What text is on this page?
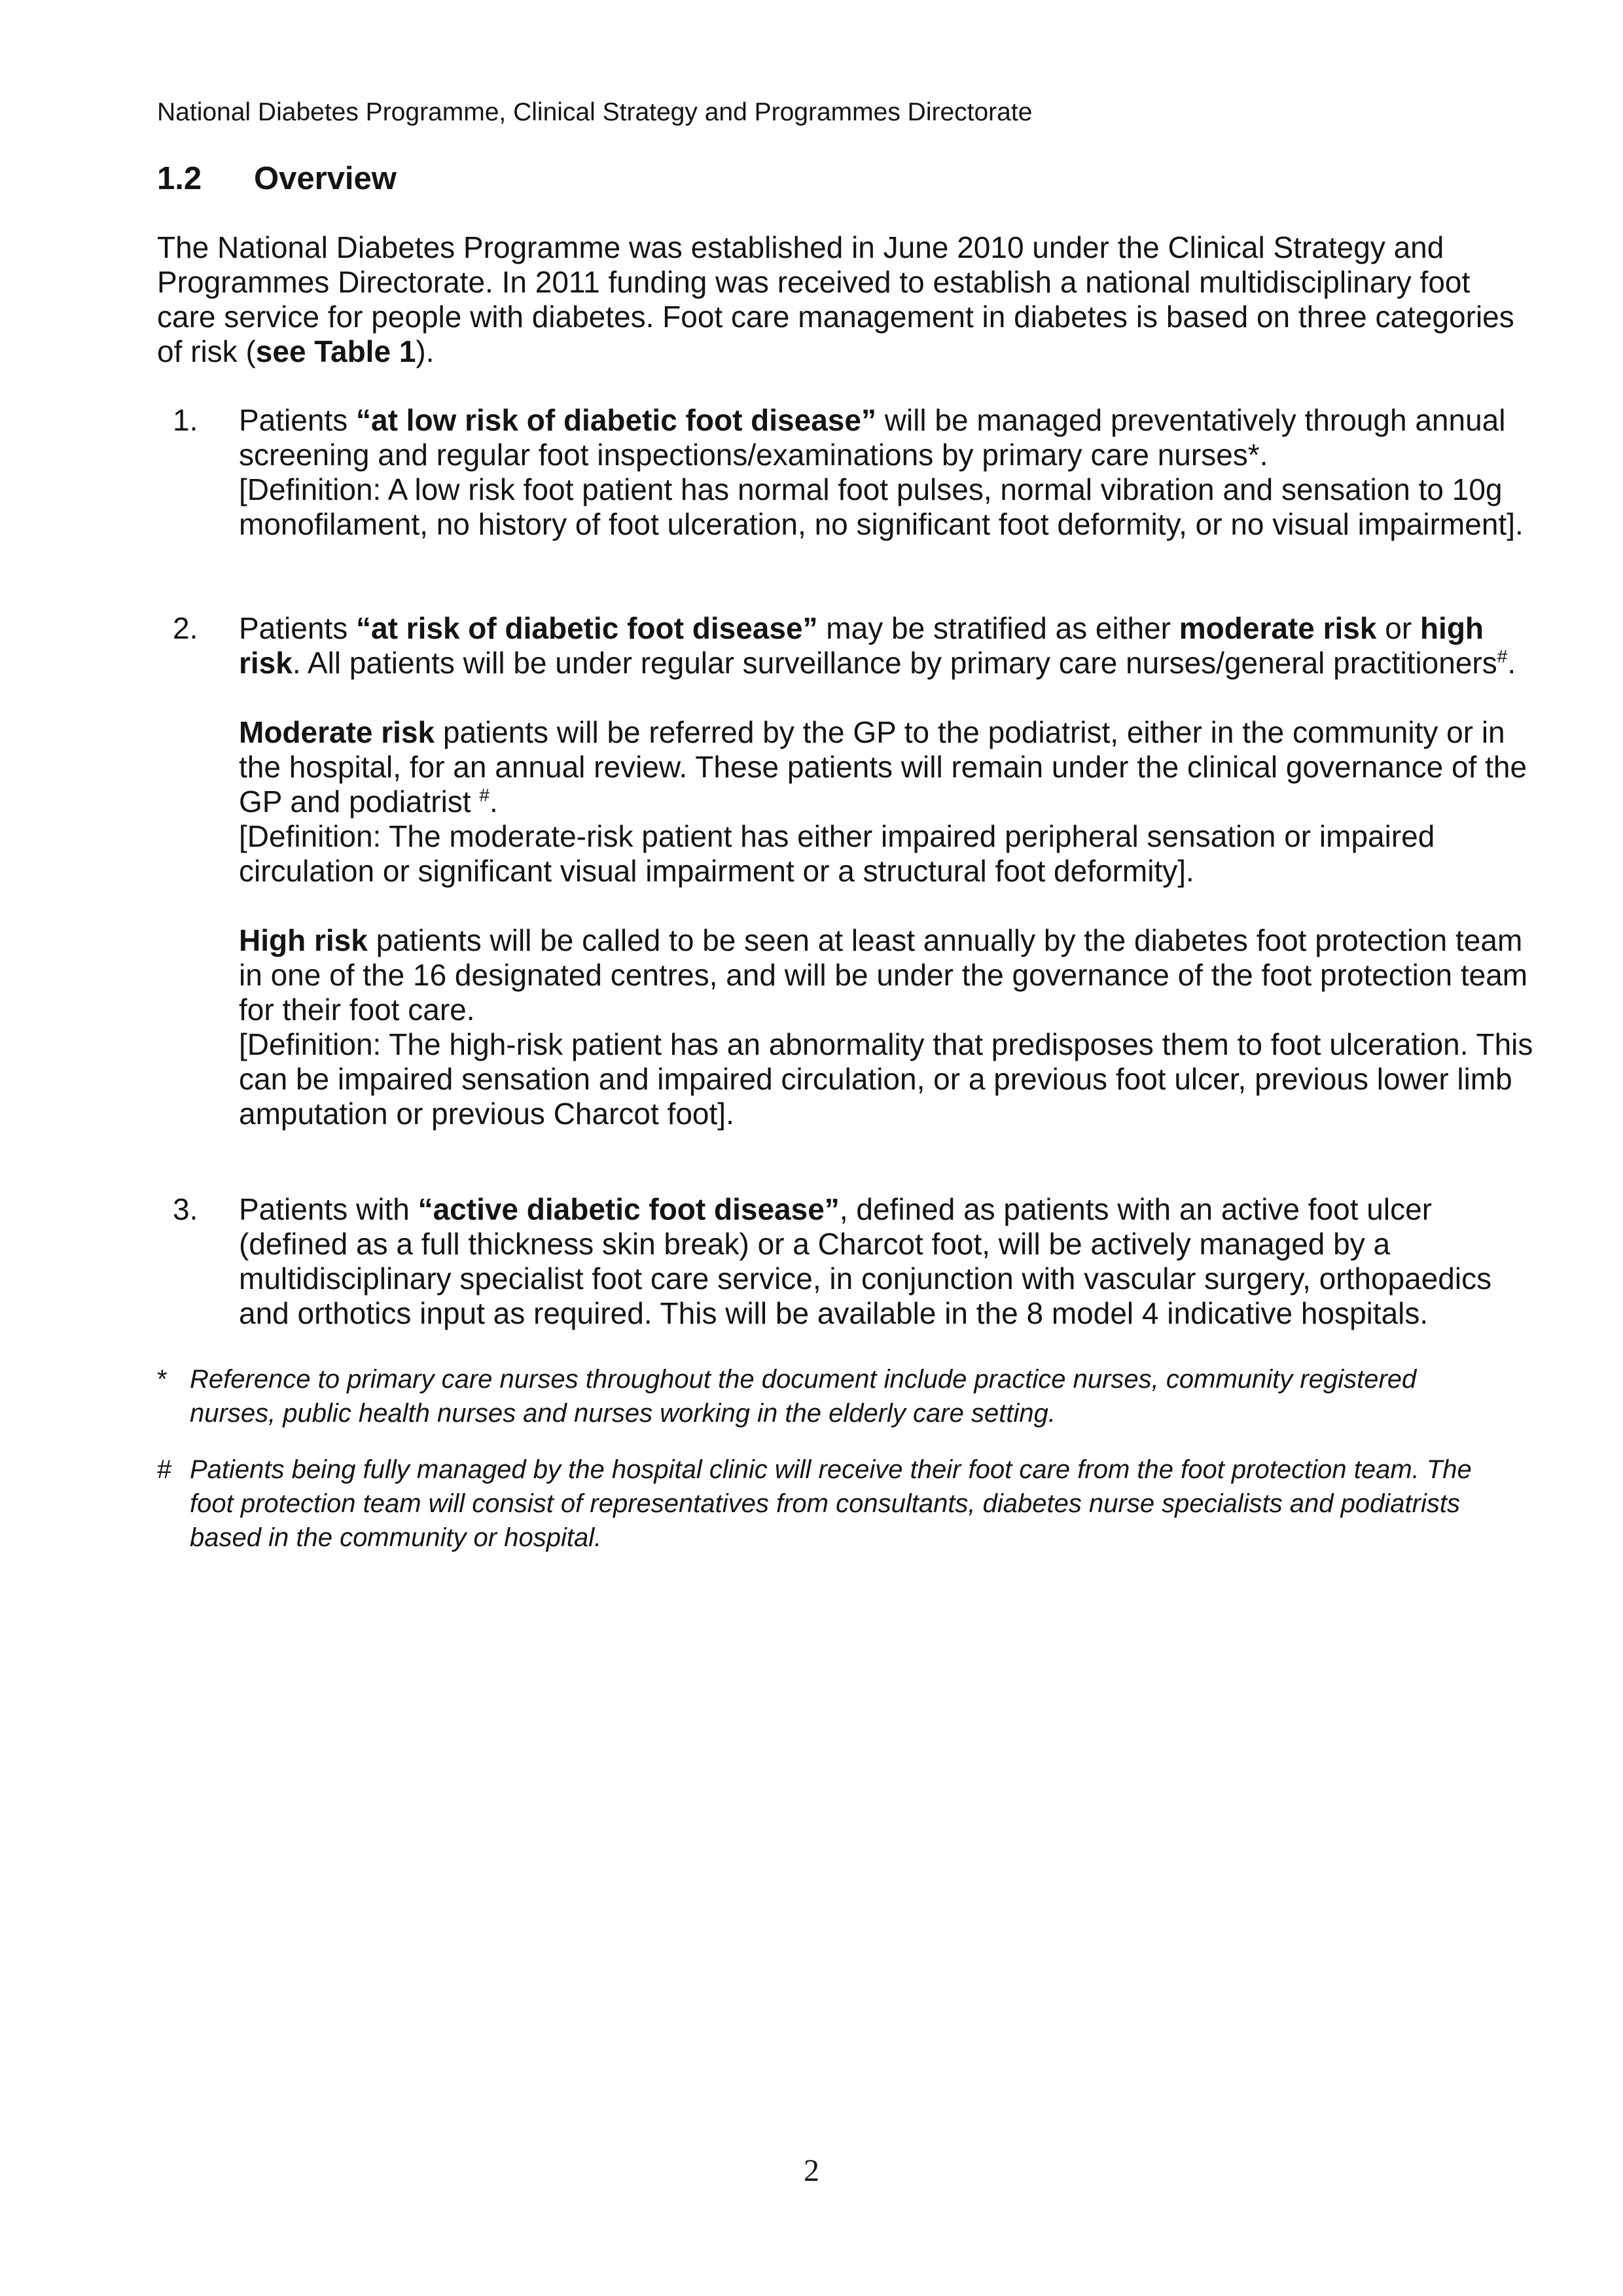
National Diabetes Programme, Clinical Strategy and Programmes Directorate
1.2 Overview
The National Diabetes Programme was established in June 2010 under the Clinical Strategy and Programmes Directorate. In 2011 funding was received to establish a national multidisciplinary foot care service for people with diabetes. Foot care management in diabetes is based on three categories of risk (see Table 1).
1. Patients “at low risk of diabetic foot disease” will be managed preventatively through annual screening and regular foot inspections/examinations by primary care nurses*.

[Definition: A low risk foot patient has normal foot pulses, normal vibration and sensation to 10g monofilament, no history of foot ulceration, no significant foot deformity, or no visual impairment].

2. Patients “at risk of diabetic foot disease” may be stratified as either moderate risk or high risk. All patients will be under regular surveillance by primary care nurses/general practitioners#.

Moderate risk patients will be referred by the GP to the podiatrist, either in the community or in the hospital, for an annual review. These patients will remain under the clinical governance of the GP and podiatrist #.

[Definition: The moderate-risk patient has either impaired peripheral sensation or impaired circulation or significant visual impairment or a structural foot deformity].

High risk patients will be called to be seen at least annually by the diabetes foot protection team in one of the 16 designated centres, and will be under the governance of the foot protection team for their foot care.

[Definition: The high-risk patient has an abnormality that predisposes them to foot ulceration. This can be impaired sensation and impaired circulation, or a previous foot ulcer, previous lower limb amputation or previous Charcot foot].

3. Patients with “active diabetic foot disease”, defined as patients with an active foot ulcer (defined as a full thickness skin break) or a Charcot foot, will be actively managed by a multidisciplinary specialist foot care service, in conjunction with vascular surgery, orthopaedics and orthotics input as required. This will be available in the 8 model 4 indicative hospitals.

* Reference to primary care nurses throughout the document include practice nurses, community registered nurses, public health nurses and nurses working in the elderly care setting.
# Patients being fully managed by the hospital clinic will receive their foot care from the foot protection team. The foot protection team will consist of representatives from consultants, diabetes nurse specialists and podiatrists based in the community or hospital.
2
